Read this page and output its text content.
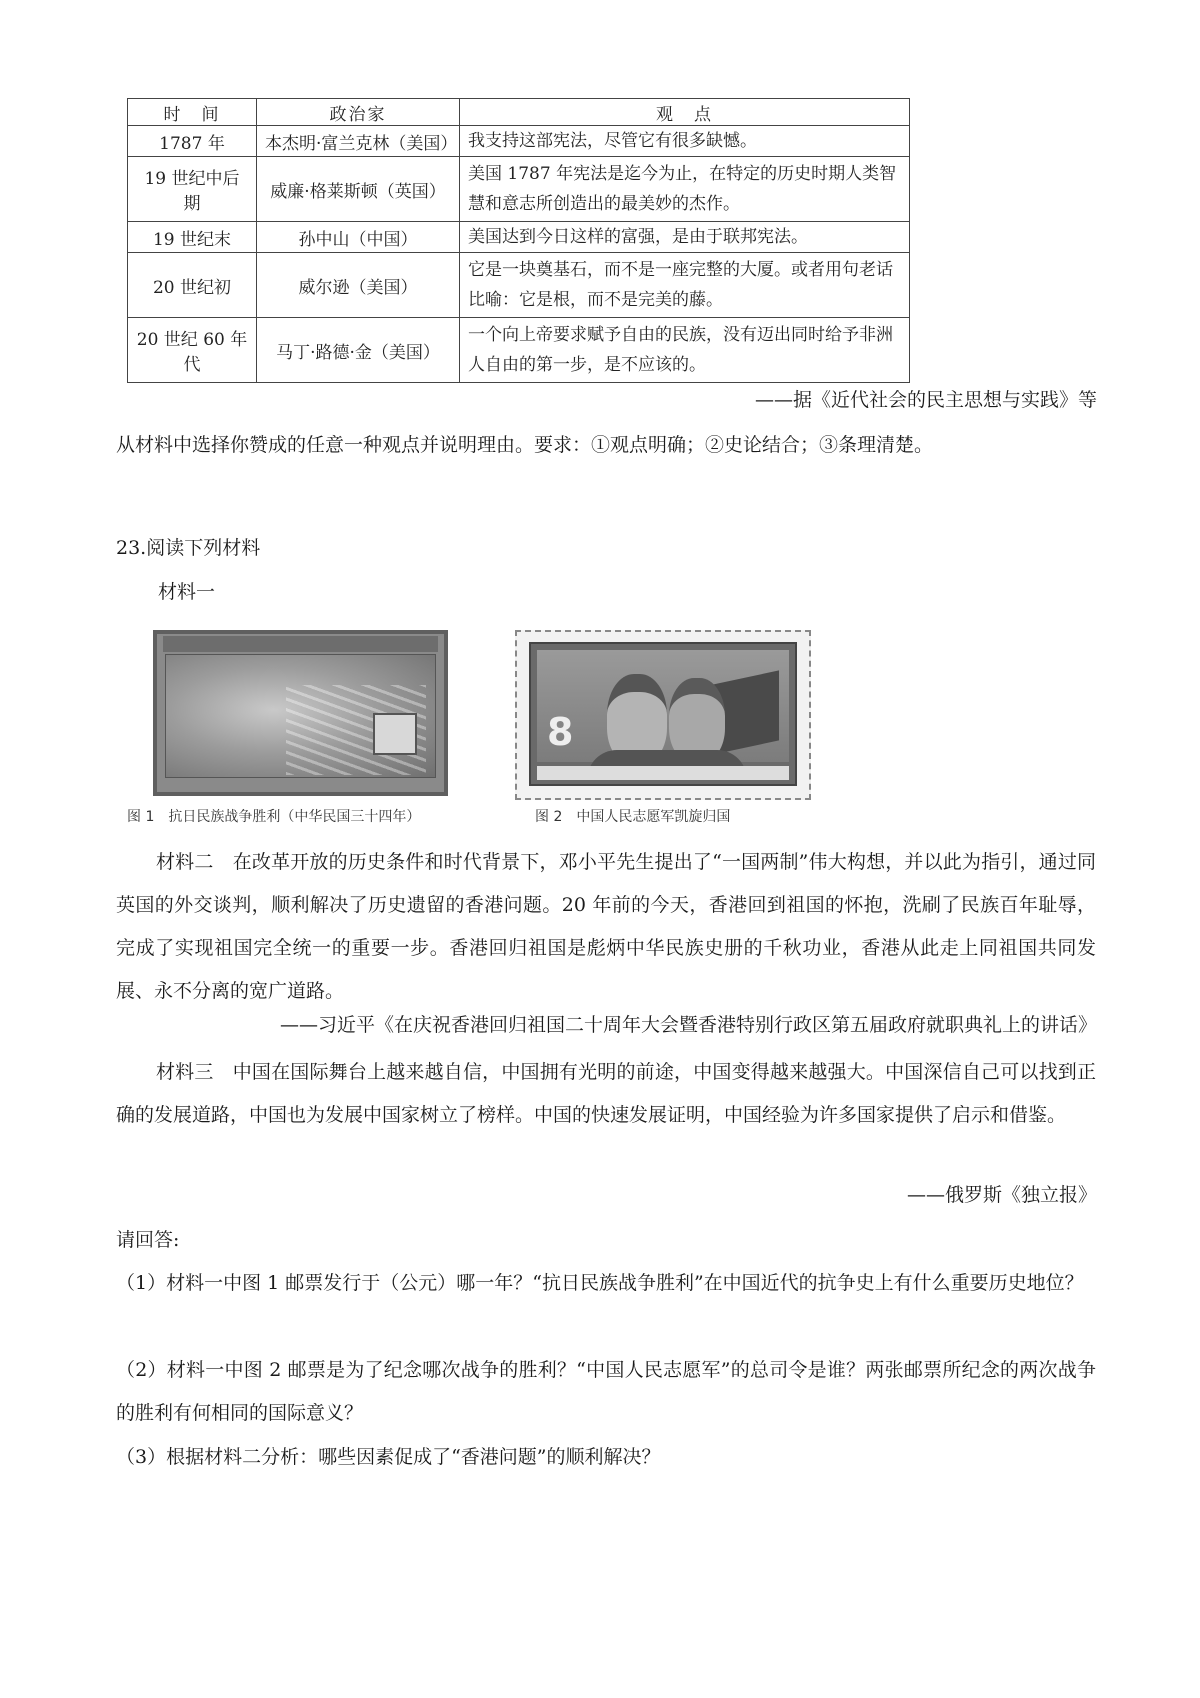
时　间	政治家	观　点
1787 年	本杰明·富兰克林（美国）	我支持这部宪法，尽管它有很多缺憾。
19 世纪中后期	威廉·格莱斯顿（英国）	美国 1787 年宪法是迄今为止，在特定的历史时期人类智慧和意志所创造出的最美妙的杰作。
19 世纪末	孙中山（中国）	美国达到今日这样的富强，是由于联邦宪法。
20 世纪初	威尔逊（美国）	它是一块奠基石，而不是一座完整的大厦。或者用句老话比喻：它是根，而不是完美的藤。
20 世纪 60 年代	马丁·路德·金（美国）	一个向上帝要求赋予自由的民族，没有迈出同时给予非洲人自由的第一步，是不应该的。
——据《近代社会的民主思想与实践》等
从材料中选择你赞成的任意一种观点并说明理由。要求：①观点明确；②史论结合；③条理清楚。
23.阅读下列材料
材料一
图 1　抗日民族战争胜利（中华民国三十四年）
8
图 2　中国人民志愿军凯旋归国
材料二　在改革开放的历史条件和时代背景下，邓小平先生提出了“一国两制”伟大构想，并以此为指引，通过同英国的外交谈判，顺利解决了历史遗留的香港问题。20 年前的今天，香港回到祖国的怀抱，洗刷了民族百年耻辱，完成了实现祖国完全统一的重要一步。香港回归祖国是彪炳中华民族史册的千秋功业，香港从此走上同祖国共同发展、永不分离的宽广道路。
——习近平《在庆祝香港回归祖国二十周年大会暨香港特别行政区第五届政府就职典礼上的讲话》
材料三　中国在国际舞台上越来越自信，中国拥有光明的前途，中国变得越来越强大。中国深信自己可以找到正确的发展道路，中国也为发展中国家树立了榜样。中国的快速发展证明，中国经验为许多国家提供了启示和借鉴。
——俄罗斯《独立报》
请回答:
（1）材料一中图 1 邮票发行于（公元）哪一年？“抗日民族战争胜利”在中国近代的抗争史上有什么重要历史地位？
（2）材料一中图 2 邮票是为了纪念哪次战争的胜利？“中国人民志愿军”的总司令是谁？两张邮票所纪念的两次战争的胜利有何相同的国际意义？
（3）根据材料二分析：哪些因素促成了“香港问题”的顺利解决？
